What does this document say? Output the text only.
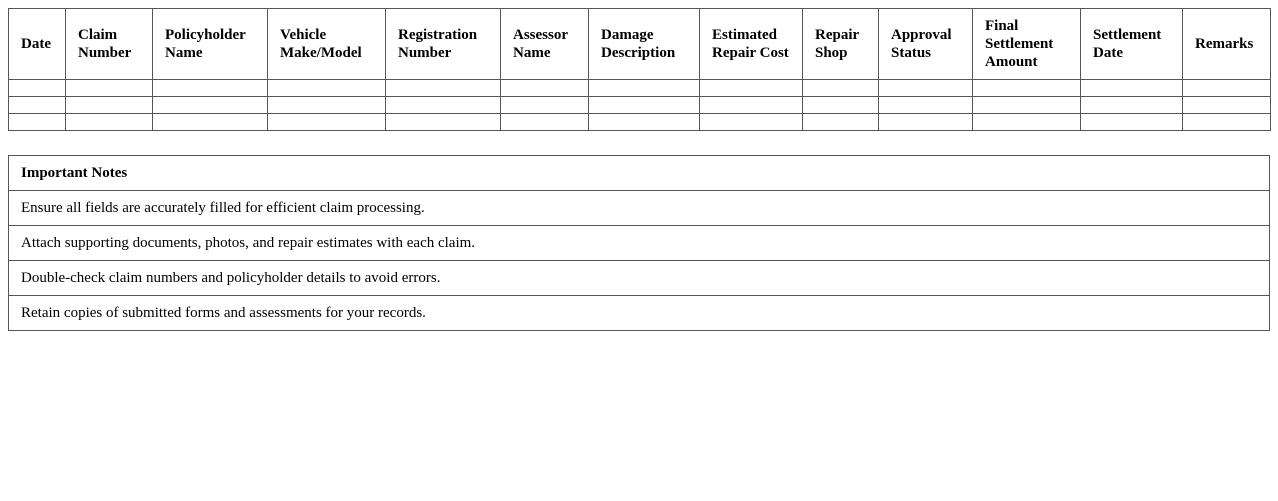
Date	Claim Number	Policyholder Name	Vehicle Make/Model	Registration Number	Assessor Name	Damage Description	Estimated Repair Cost	Repair Shop	Approval Status	Final Settlement Amount	Settlement Date	Remarks

Important Notes
Ensure all fields are accurately filled for efficient claim processing.
Attach supporting documents, photos, and repair estimates with each claim.
Double-check claim numbers and policyholder details to avoid errors.
Retain copies of submitted forms and assessments for your records.
